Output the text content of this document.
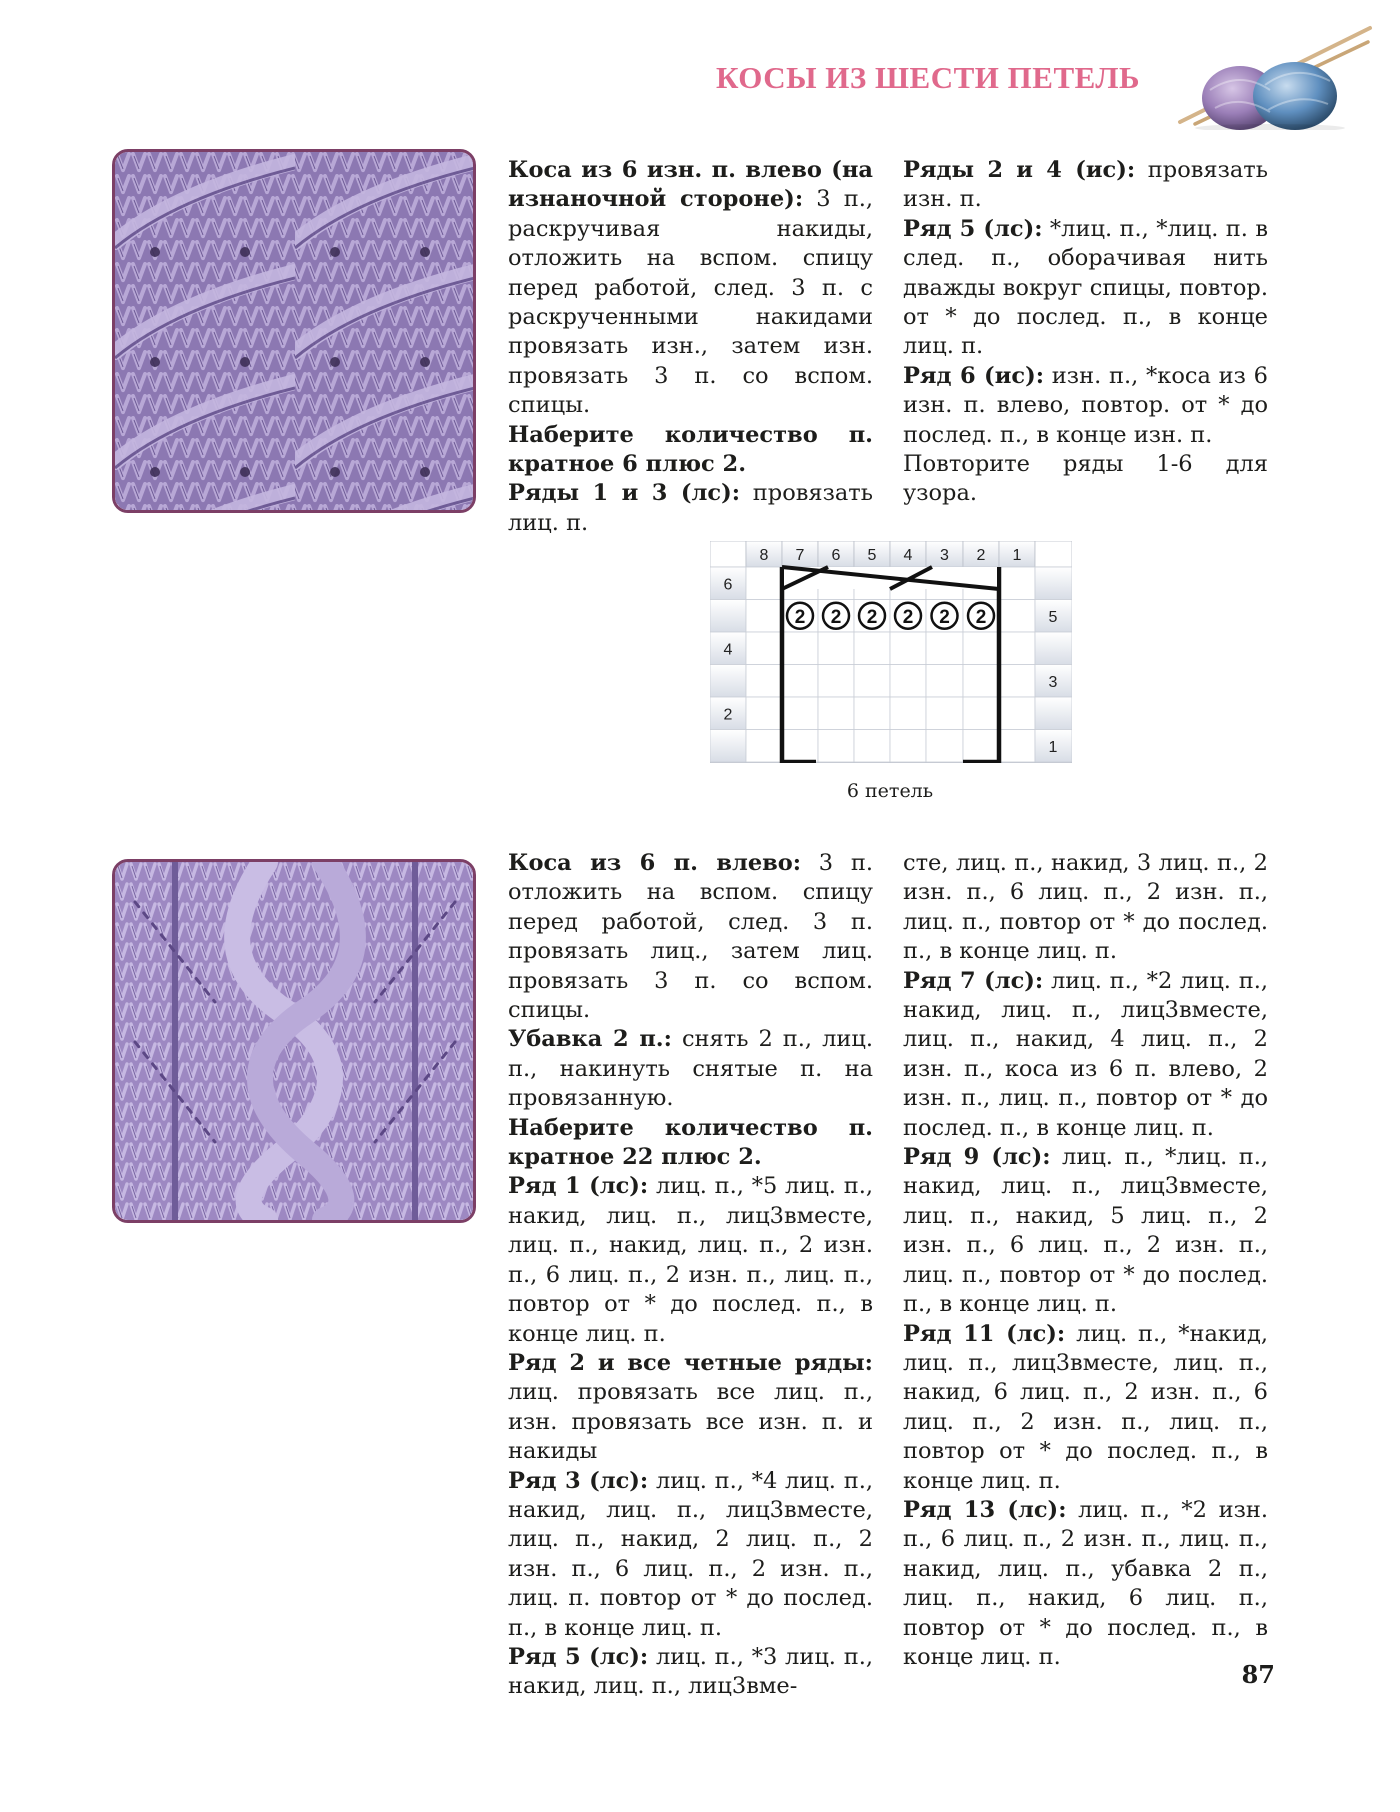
КОСЫ ИЗ ШЕСТИ ПЕТЕЛЬ

Коса из 6 изн. п. влево (на изнаночной стороне): 3 п., раскручивая накиды, отложить на вспом. спицу перед работой, след. 3 п. с раскрученными накидами провязать изн., затем изн. провязать 3 п. со вспом. спицы.

Наберите количество п. кратное 6 плюс 2.

Ряды 1 и 3 (лс): провязать лиц. п.

Ряды 2 и 4 (ис): провязать изн. п.

Ряд 5 (лс): *лиц. п., *лиц. п. в след. п., оборачивая нить дважды вокруг спицы, повтор. от * до послед. п., в конце лиц. п.

Ряд 6 (ис): изн. п., *коса из 6 изн. п. влево, повтор. от * до послед. п., в конце изн. п.

Повторите ряды 1-6 для узора.

8 7 6 5 4 3 2 1
6
4
2
5
3
1
2 2 2 2 2 2
6 петель

Коса из 6 п. влево: 3 п. отложить на вспом. спицу перед работой, след. 3 п. провязать лиц., затем лиц. провязать 3 п. со вспом. спицы.

Убавка 2 п.: снять 2 п., лиц. п., накинуть снятые п. на провязанную.

Наберите количество п. кратное 22 плюс 2.

Ряд 1 (лс): лиц. п., *5 лиц. п., накид, лиц. п., лиц3вместе, лиц. п., накид, лиц. п., 2 изн. п., 6 лиц. п., 2 изн. п., лиц. п., повтор от * до послед. п., в конце лиц. п.

Ряд 2 и все четные ряды: лиц. провязать все лиц. п., изн. провязать все изн. п. и накиды

Ряд 3 (лс): лиц. п., *4 лиц. п., накид, лиц. п., лиц3вместе, лиц. п., накид, 2 лиц. п., 2 изн. п., 6 лиц. п., 2 изн. п., лиц. п. повтор от * до послед. п., в конце лиц. п.

Ряд 5 (лс): лиц. п., *3 лиц. п., накид, лиц. п., лиц3вме-

сте, лиц. п., накид, 3 лиц. п., 2 изн. п., 6 лиц. п., 2 изн. п., лиц. п., повтор от * до послед. п., в конце лиц. п.

Ряд 7 (лс): лиц. п., *2 лиц. п., накид, лиц. п., лиц3вместе, лиц. п., накид, 4 лиц. п., 2 изн. п., коса из 6 п. влево, 2 изн. п., лиц. п., повтор от * до послед. п., в конце лиц. п.

Ряд 9 (лс): лиц. п., *лиц. п., накид, лиц. п., лиц3вместе, лиц. п., накид, 5 лиц. п., 2 изн. п., 6 лиц. п., 2 изн. п., лиц. п., повтор от * до послед. п., в конце лиц. п.

Ряд 11 (лс): лиц. п., *накид, лиц. п., лиц3вместе, лиц. п., накид, 6 лиц. п., 2 изн. п., 6 лиц. п., 2 изн. п., лиц. п., повтор от * до послед. п., в конце лиц. п.

Ряд 13 (лс): лиц. п., *2 изн. п., 6 лиц. п., 2 изн. п., лиц. п., накид, лиц. п., убавка 2 п., лиц. п., накид, 6 лиц. п., повтор от * до послед. п., в конце лиц. п.

87
